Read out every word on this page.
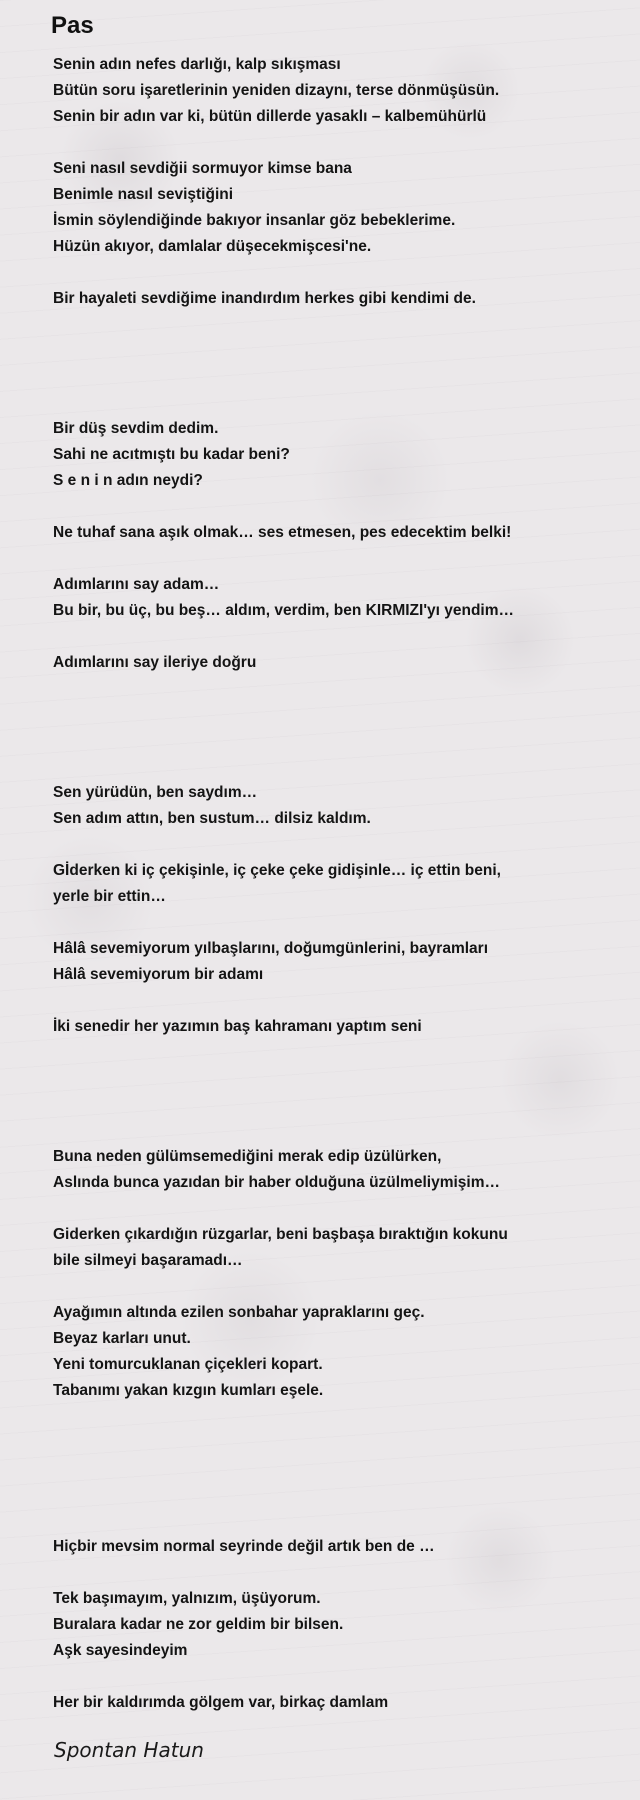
Pas
Senin adın nefes darlığı, kalp sıkışması
Bütün soru işaretlerinin yeniden dizaynı, terse dönmüşüsün.
Senin bir adın var ki, bütün dillerde yasaklı – kalbemühürlü
Seni nasıl sevdiğii sormuyor kimse bana
Benimle nasıl seviştiğini
İsmin söylendiğinde bakıyor insanlar göz bebeklerime.
Hüzün akıyor, damlalar düşecekmişcesi'ne.
Bir hayaleti sevdiğime inandırdım herkes gibi kendimi de.
Bir düş sevdim dedim.
Sahi ne acıtmıştı bu kadar beni?
S e n i n adın neydi?
Ne tuhaf sana aşık olmak… ses etmesen, pes edecektim belki!
Adımlarını say adam…
Bu bir, bu üç, bu beş… aldım, verdim, ben KIRMIZI'yı yendim…
Adımlarını say ileriye doğru
Sen yürüdün, ben saydım…
Sen adım attın, ben sustum… dilsiz kaldım.
Gİderken ki iç çekişinle, iç çeke çeke gidişinle… iç ettin beni,
yerle bir ettin…
Hâlâ sevemiyorum yılbaşlarını, doğumgünlerini, bayramları
Hâlâ sevemiyorum bir adamı
İki senedir her yazımın baş kahramanı yaptım seni
Buna neden gülümsemediğini merak edip üzülürken,
Aslında bunca yazıdan bir haber olduğuna üzülmeliymişim…
Giderken çıkardığın rüzgarlar, beni başbaşa bıraktığın kokunu
bile silmeyi başaramadı…
Ayağımın altında ezilen sonbahar yapraklarını geç.
Beyaz karları unut.
Yeni tomurcuklanan çiçekleri kopart.
Tabanımı yakan kızgın kumları eşele.
Hiçbir mevsim normal seyrinde değil artık ben de …
Tek başımayım, yalnızım, üşüyorum.
Buralara kadar ne zor geldim bir bilsen.
Aşk sayesindeyim
Her bir kaldırımda gölgem var, birkaç damlam
Spontan Hatun
